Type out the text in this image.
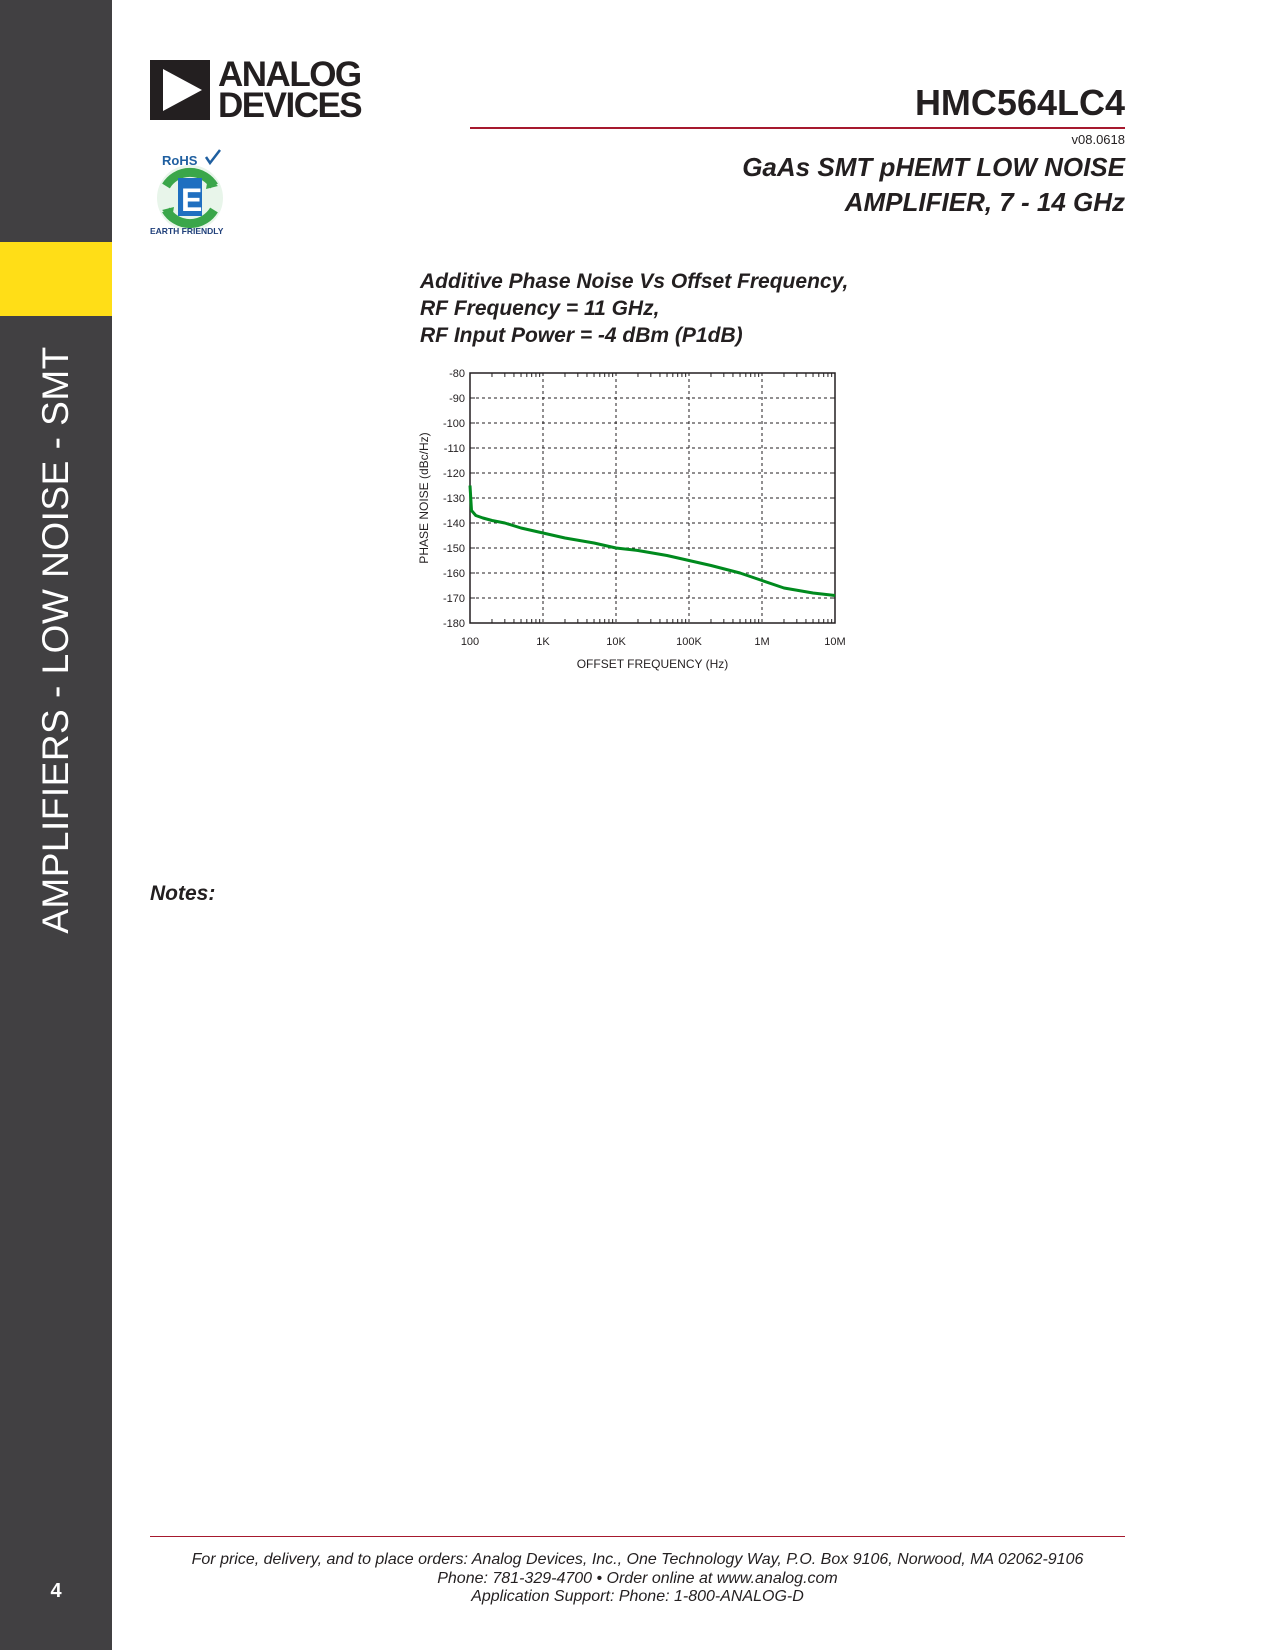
AMPLIFIERS - LOW NOISE - SMT
4
ANALOG
DEVICES
RoHS
E
EARTH FRIENDLY
HMC564LC4
v08.0618
GaAs SMT pHEMT LOW NOISE
AMPLIFIER, 7 - 14 GHz
Additive Phase Noise Vs Offset Frequency,
RF Frequency = 11 GHz,
RF Input Power = -4 dBm (P1dB)
-80
-90
-100
-110
-120
-130
-140
-150
-160
-170
-180
100	1K	10K	100K	1M	10M
OFFSET FREQUENCY (Hz)
PHASE NOISE (dBc/Hz)
Notes:
For price, delivery, and to place orders: Analog Devices, Inc., One Technology Way, P.O. Box 9106, Norwood, MA 02062-9106
Phone: 781-329-4700 • Order online at www.analog.com
Application Support: Phone: 1-800-ANALOG-D
